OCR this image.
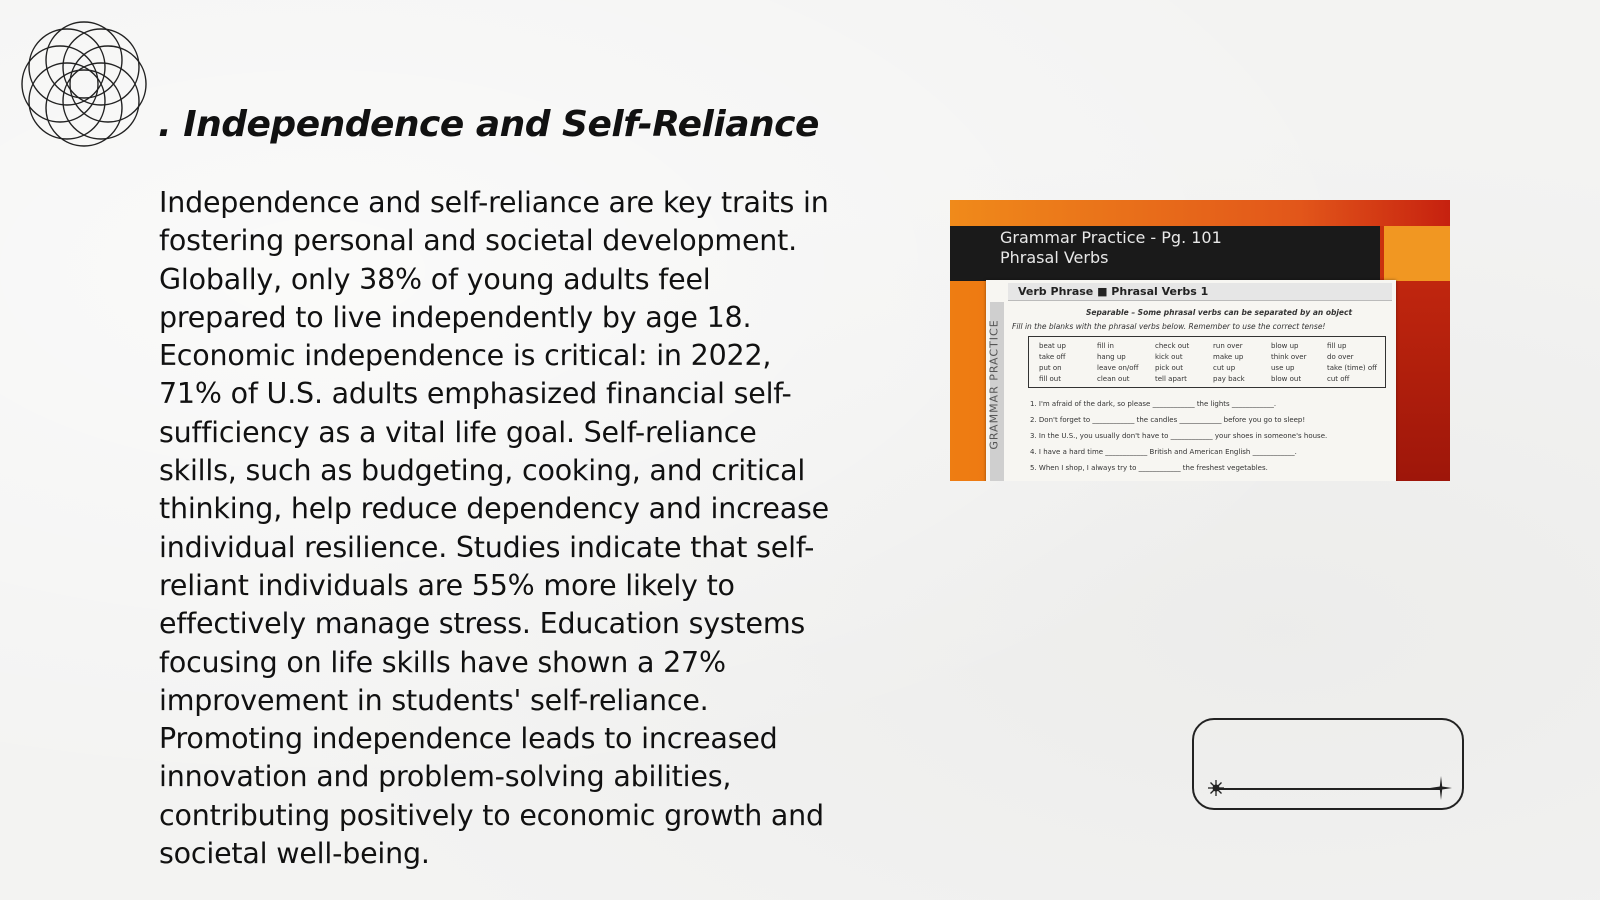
. Independence and Self-Reliance

Independence and self-reliance are key traits in fostering personal and societal development. Globally, only 38% of young adults feel prepared to live independently by age 18. Economic independence is critical: in 2022, 71% of U.S. adults emphasized financial self-sufficiency as a vital life goal. Self-reliance skills, such as budgeting, cooking, and critical thinking, help reduce dependency and increase individual resilience. Studies indicate that self-reliant individuals are 55% more likely to effectively manage stress. Education systems focusing on life skills have shown a 27% improvement in students' self-reliance. Promoting independence leads to increased innovation and problem-solving abilities, contributing positively to economic growth and societal well-being.

Grammar Practice - Pg. 101
Phrasal Verbs
GRAMMAR PRACTICE
Verb Phrase ■ Phrasal Verbs 1
Separable – Some phrasal verbs can be separated by an object
Fill in the blanks with the phrasal verbs below. Remember to use the correct tense!
beat up
take off
put on
fill out
fill in
hang up
leave on/off
clean out
check out
kick out
pick out
tell apart
run over
make up
cut up
pay back
blow up
think over
use up
blow out
fill up
do over
take (time) off
cut off
1. I'm afraid of the dark, so please ____________ the lights ____________.
2. Don't forget to ____________ the candles ____________ before you go to sleep!
3. In the U.S., you usually don't have to ____________ your shoes in someone's house.
4. I have a hard time ____________ British and American English ____________.
5. When I shop, I always try to ____________ the freshest vegetables.
